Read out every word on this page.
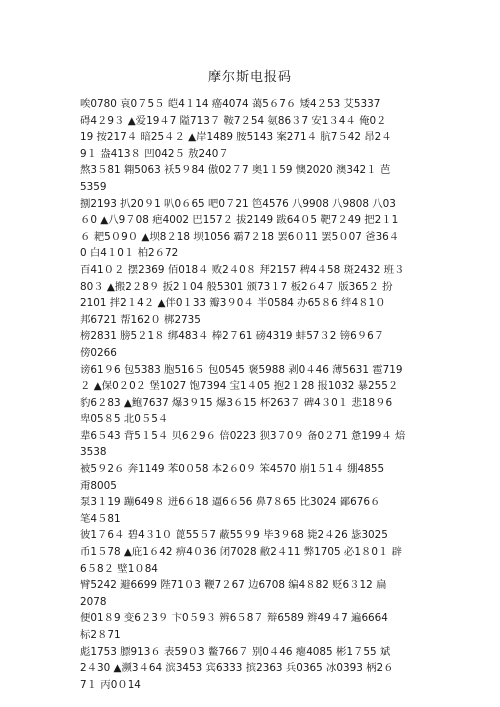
摩尔斯电报码
唉0780 哀0７5５ 皑4１14 癌4074 蔼5６7６ 矮4２53 艾5337
碍4２9３ ▲爱19４7 隘713７ 鞍7２54 氨86３7 安1３4４ 俺0２
19 按217４ 暗25４２ ▲岸1489 胺5143 案271４ 肮7５42 昂2４
9１ 盎413８ 凹042５ 敖240７
熬3５81 翱5063 袄5９84 傲02７7 奥1１59 懊2020 澳342１ 芭
5359
捌2193 扒20９1 叭0６65 吧0７21 笆4576 八9908 八9808 八03
６0 ▲八9７08 疤4002 巴157２ 拔2149 跋64０5 靶7２49 把2１1
６ 耙5０9０ ▲坝8２18 坝1056 霸7２18 罢6０11 罢5０07 爸36４
0 白4１0１ 柏2６72
百41０２ 摆2369 佰018４ 败2４0８ 拜2157 稗4４58 斑2432 班３
80３ ▲搬2２8９ 扳2１04 般5301 颁73１7 板2６4７ 版365２ 扮
2101 拌2１4２ ▲伴0１33 瓣3９0４ 半0584 办65８6 绊4８1０
邦6721 帮162０ 梆2735
榜2831 膀5２1８ 绑483４ 棒2７61 磅4319 蚌57３2 镑6９6７
傍0266
谤61９6 包5383 胞516５ 包0545 褒5988 剥0４46 薄5631 雹719
２ ▲保0２0２ 堡1027 饱7394 宝1４05 抱2１28 报1032 暴255２
豹6２83 ▲鲍7637 爆3９15 爆3６15 杯263７ 碑4３0１ 悲18９6
卑05８5 北0５5４
辈6５43 背5１5４ 贝6２9６ 倍0223 狈3７0９ 备0２71 惫199４ 焙
3538
被5９2６ 奔1149 苯0０58 本2６0９ 笨4570 崩1５1４ 绷4855
甭8005
泵3１19 蹦649８ 迸6６18 逼6６56 鼻7８65 比3024 鄙676６
笔4５81
彼1７6４ 碧4３1０ 蓖55５7 蔽55９9 毕3９68 毙2４26 毖3025
币1５78 ▲庇1６42 痹4０36 闭7028 敝2４11 弊1705 必1８0１ 辟
6５8２ 壁1０84
臂5242 避6699 陛71０3 鞭7２67 边6708 编4８82 贬6３12 扁
2078
便01８9 变6２3９ 卞0５9３ 辨6５8７ 辩6589 辫49４7 遍6664
标2８71
彪1753 膘913６ 表59０3 鳖766７ 别0４46 瘪4085 彬1７55 斌
2４30 ▲濒3４64 滨3453 宾6333 摈2363 兵0365 冰0393 柄2６
7１ 丙0０14
